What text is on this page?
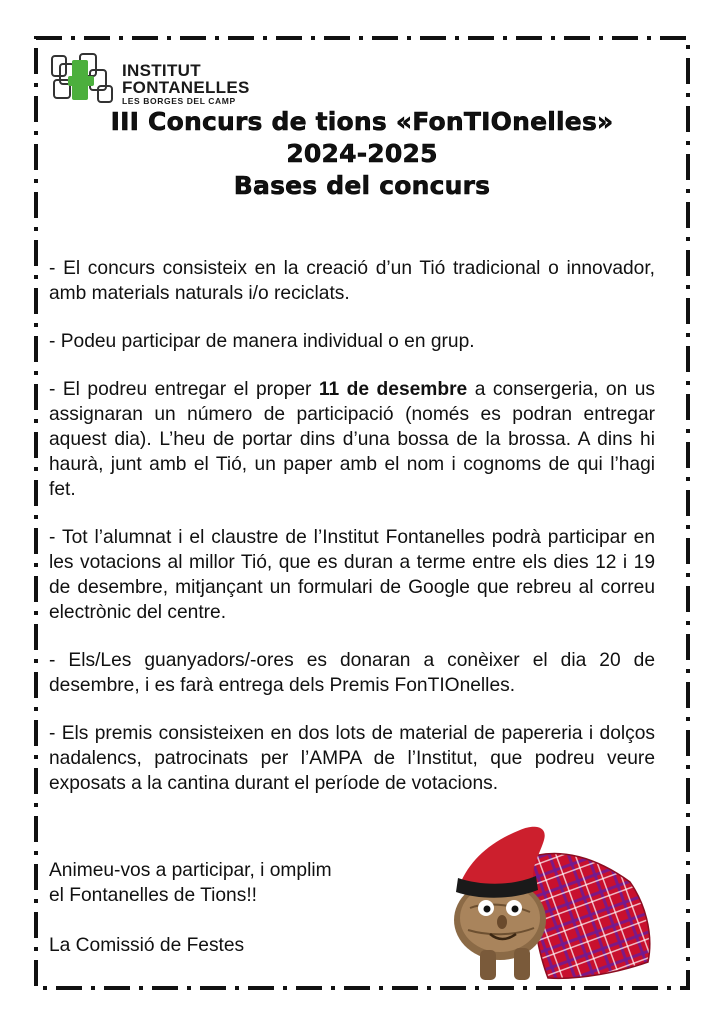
INSTITUT
FONTANELLES
LES BORGES DEL CAMP
III Concurs de tions «FonTIOnelles»
2024-2025
Bases del concurs

- El concurs consisteix en la creació d’un Tió tradicional o innovador, amb materials naturals i/o reciclats.

- Podeu participar de manera individual o en grup.

- El podreu entregar el proper 11 de desembre a consergeria, on us assignaran un número de participació (només es podran entregar aquest dia). L’heu de portar dins d’una bossa de la brossa. A dins hi haurà, junt amb el Tió, un paper amb el nom i cognoms de qui l’hagi fet.

- Tot l’alumnat i el claustre de l’Institut Fontanelles podrà participar en les votacions al millor Tió, que es duran a terme entre els dies 12 i 19 de desembre, mitjançant un formulari de Google que rebreu al correu electrònic del centre.

- Els/Les guanyadors/-ores es donaran a conèixer el dia 20 de desembre, i es farà entrega dels Premis FonTIOnelles.

- Els premis consisteixen en dos lots de material de papereria i dolços nadalencs, patrocinats per l’AMPA de l’Institut, que podreu veure exposats a la cantina durant el període de votacions.

Animeu-vos a participar, i omplim

el Fontanelles de Tions!!

La Comissió de Festes
